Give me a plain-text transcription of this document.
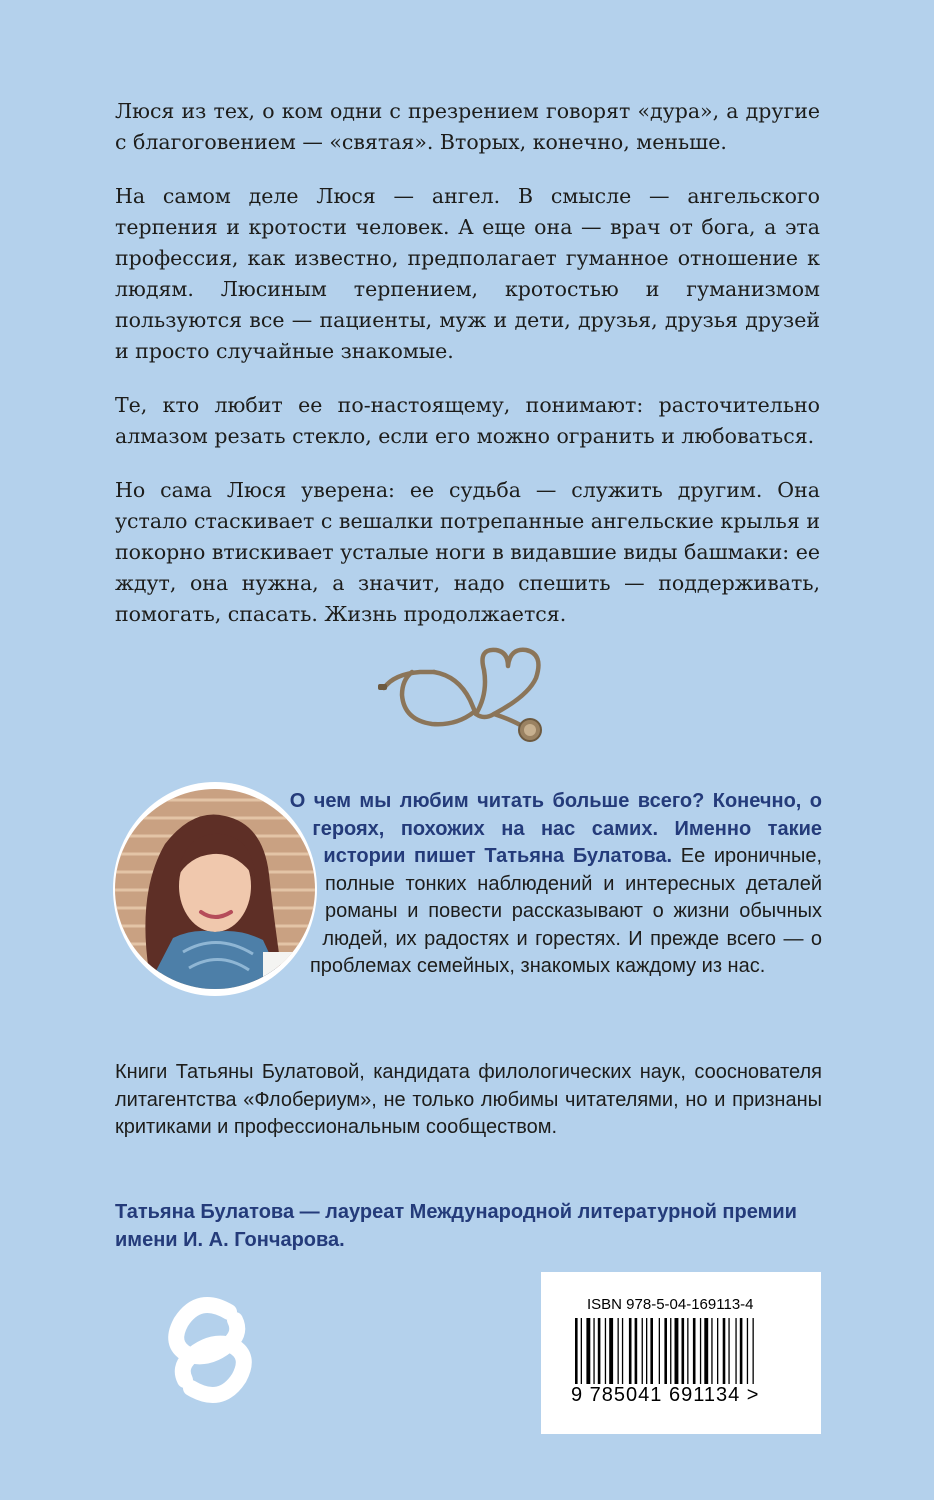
Люся из тех, о ком одни с презрением говорят «дура», а другие с благоговением — «святая». Вторых, конечно, меньше.

На самом деле Люся — ангел. В смысле — ангельского терпения и кротости человек. А еще она — врач от бога, а эта профессия, как известно, предполагает гуманное отношение к людям. Люсиным терпением, кротостью и гуманизмом пользуются все — пациенты, муж и дети, друзья, друзья друзей и просто случайные знакомые.

Те, кто любит ее по-настоящему, понимают: расточительно алмазом резать стекло, если его можно огранить и любоваться.

Но сама Люся уверена: ее судьба — служить другим. Она устало стаскивает с вешалки потрепанные ангельские крылья и покорно втискивает усталые ноги в видавшие виды башмаки: ее ждут, она нужна, а значит, надо спешить — поддерживать, помогать, спасать. Жизнь продолжается.

О чем мы любим читать больше всего? Конечно, о героях, похожих на нас самих. Именно такие истории пишет Татьяна Булатова. Ее ироничные, полные тонких наблюдений и интересных деталей романы и повести рассказывают о жизни обычных людей, их радостях и горестях. И прежде всего — о проблемах семейных, знакомых каждому из нас.

Книги Татьяны Булатовой, кандидата филологических наук, сооснователя литагентства «Флобериум», не только любимы читателями, но и признаны критиками и профессиональным сообществом.

Татьяна Булатова — лауреат Международной литературной премии имени И. А. Гончарова.

ISBN 978-5-04-169113-4
9 785041 691134 >
